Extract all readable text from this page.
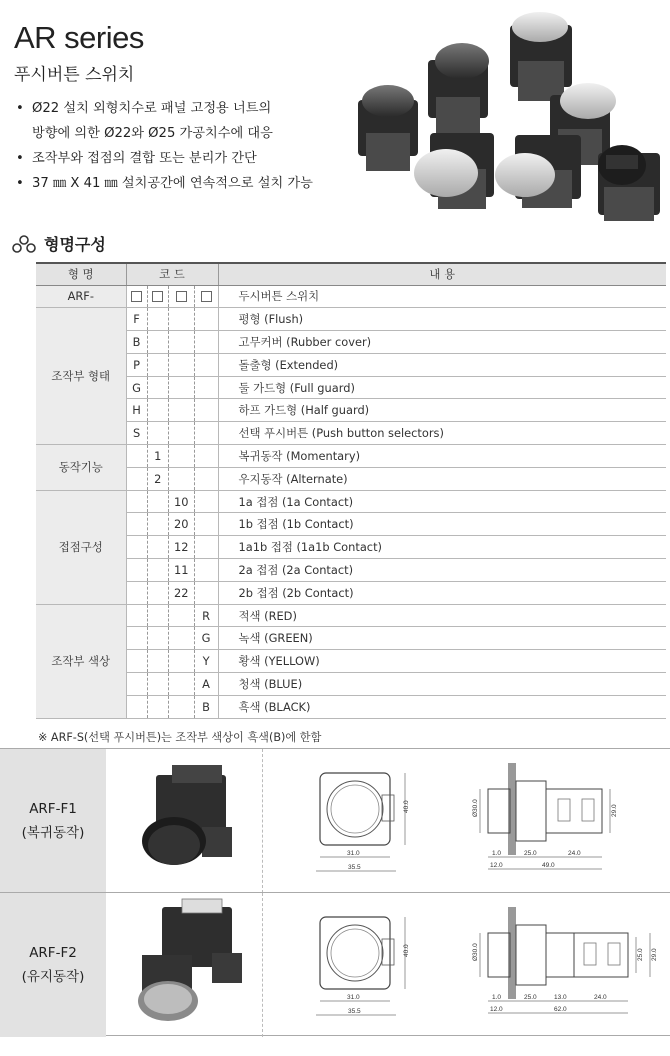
AR series
푸시버튼 스위치
• Ø22 설치 외형치수로 패널 고정용 너트의
방향에 의한 Ø22와 Ø25 가공치수에 대응
• 조작부와 접점의 결합 또는 분리가 간단
• 37 ㎜ X 41 ㎜ 설치공간에 연속적으로 설치 가능
형명구성
형 명	코 드				내 용
ARF-					두시버튼 스위치
조작부 형태	F				평형 (Flush)
	B				고무커버 (Rubber cover)
	P				돌출형 (Extended)
	G				둘 가드형 (Full guard)
	H				하프 가드형 (Half guard)
	S				선택 푸시버튼 (Push button selectors)
동작기능		1			복귀동작 (Momentary)
		2			우지동작 (Alternate)
접점구성			10		1a 접점 (1a Contact)
			20		1b 접점 (1b Contact)
			12		1a1b 접점 (1a1b Contact)
			11		2a 접점 (2a Contact)
			22		2b 접점 (2b Contact)
조작부 색상				R	적색 (RED)
				G	녹색 (GREEN)
				Y	황색 (YELLOW)
				A	청색 (BLUE)
				B	흑색 (BLACK)
※ ARF-S(선택 푸시버튼)는 조작부 색상이 흑색(B)에 한함
ARF-F1
(복귀동작)
40.0
31.0
35.5
Ø30.0	29.0
1.0	25.0	24.0
12.0	49.0
ARF-F2
(유지동작)
40.0
31.0
35.5
Ø30.0	25.0 29.0
1.0	25.0	13.0	24.0
12.0	62.0
